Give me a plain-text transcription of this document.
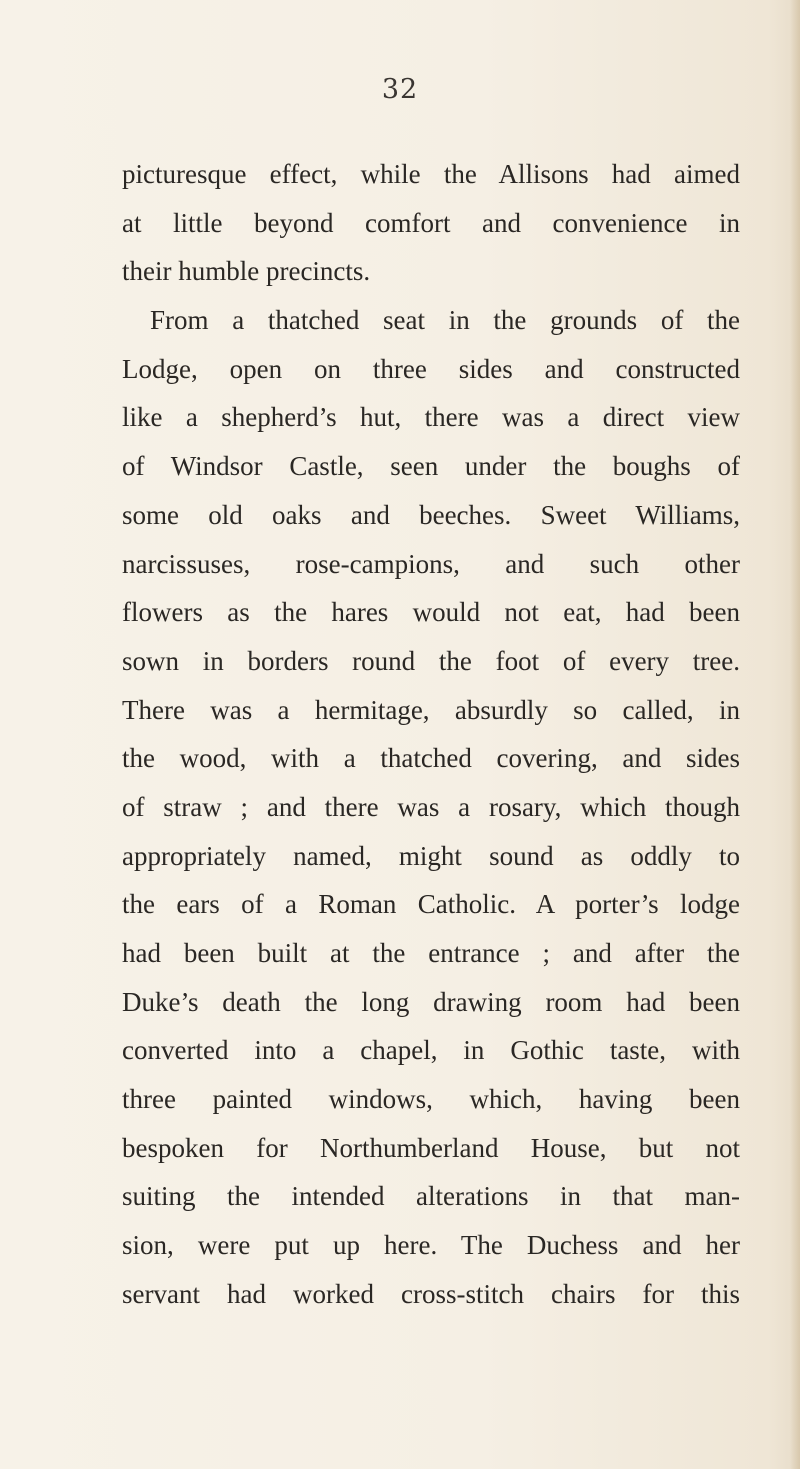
32
picturesque effect, while the Allisons had aimed
at little beyond comfort and convenience in
their humble precincts.
From a thatched seat in the grounds of the
Lodge, open on three sides and constructed
like a shepherd’s hut, there was a direct view
of Windsor Castle, seen under the boughs of
some old oaks and beeches. Sweet Williams,
narcissuses, rose-campions, and such other
flowers as the hares would not eat, had been
sown in borders round the foot of every tree.
There was a hermitage, absurdly so called, in
the wood, with a thatched covering, and sides
of straw ; and there was a rosary, which though
appropriately named, might sound as oddly to
the ears of a Roman Catholic. A porter’s lodge
had been built at the entrance ; and after the
Duke’s death the long drawing room had been
converted into a chapel, in Gothic taste, with
three painted windows, which, having been
bespoken for Northumberland House, but not
suiting the intended alterations in that man-
sion, were put up here. The Duchess and her
servant had worked cross-stitch chairs for this
